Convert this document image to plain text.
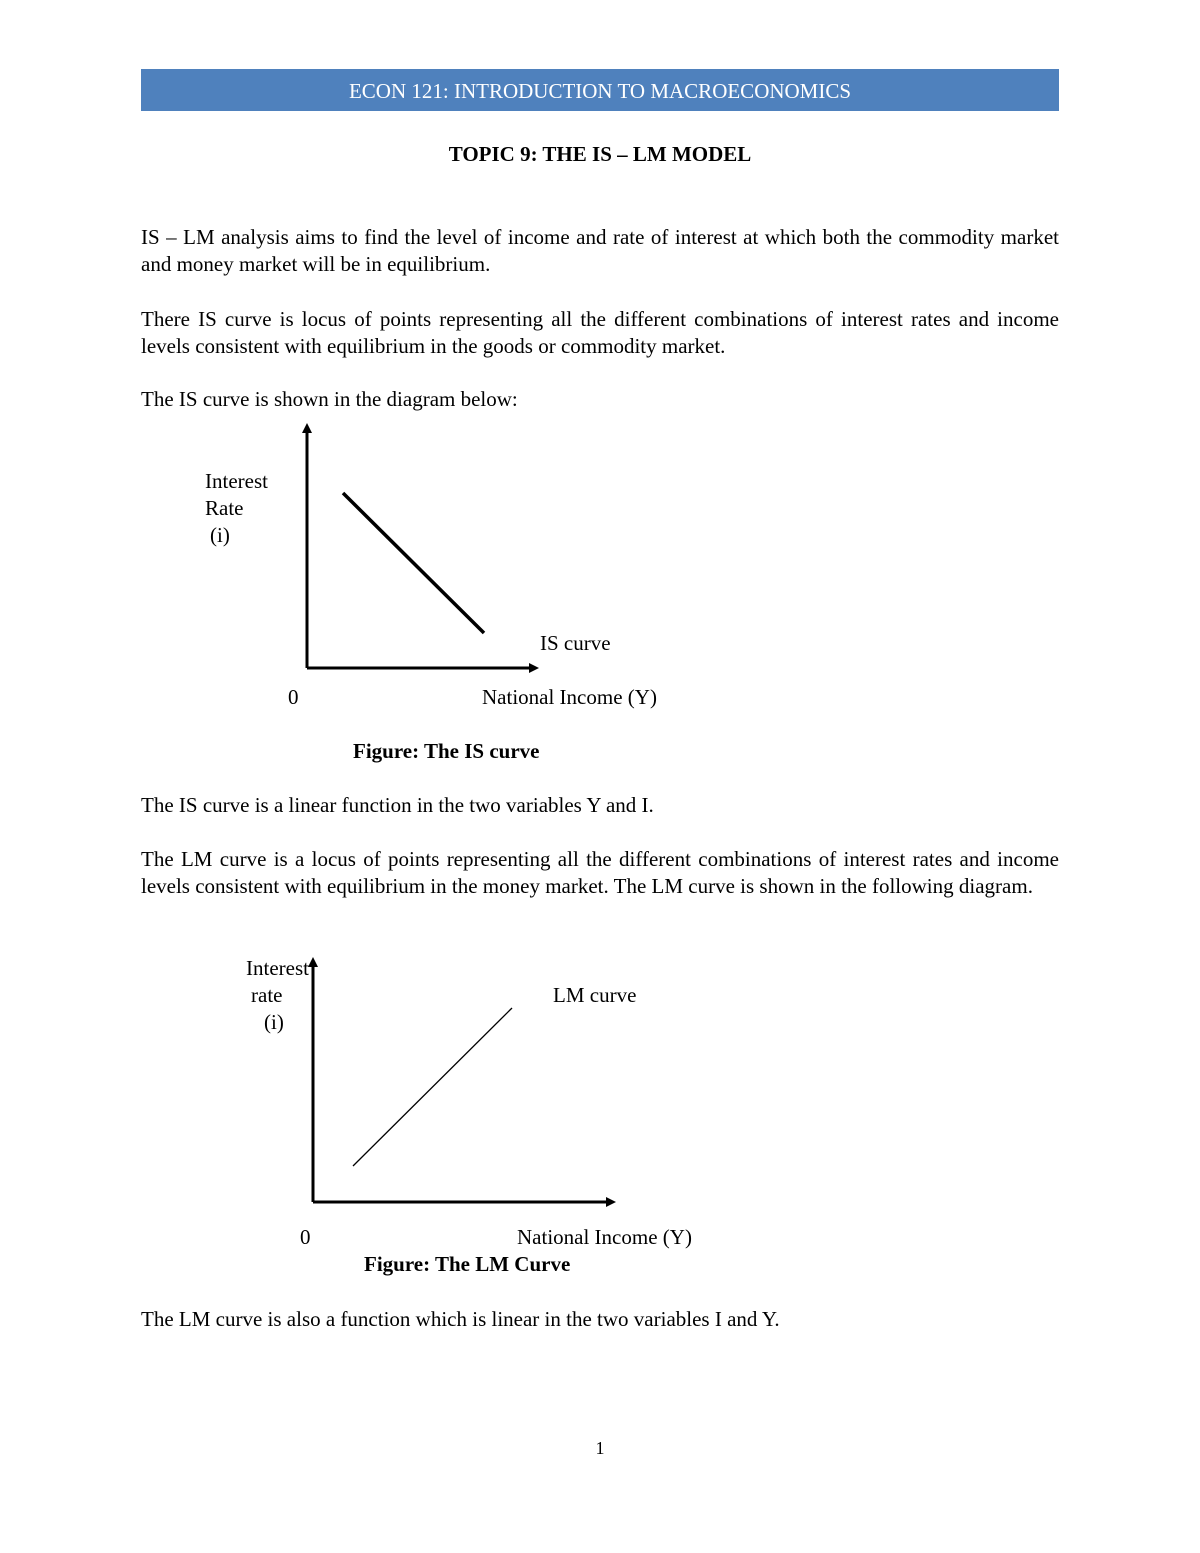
ECON 121: INTRODUCTION TO MACROECONOMICS
TOPIC 9: THE IS – LM MODEL

IS – LM analysis aims to find the level of income and rate of interest at which both the commodity market and money market will be in equilibrium.

There IS curve is locus of points representing all the different combinations of interest rates and income levels consistent with equilibrium in the goods or commodity market.

The IS curve is shown in the diagram below:

Interest
Rate
(i)
IS curve
0	National Income (Y)
Figure: The IS curve

The IS curve is a linear function in the two variables Y and I.

The LM curve is a locus of points representing all the different combinations of interest rates and income levels consistent with equilibrium in the money market. The LM curve is shown in the following diagram.

Interest
rate
(i)
LM curve
0	National Income (Y)
Figure: The LM Curve

The LM curve is also a function which is linear in the two variables I and Y.

1
